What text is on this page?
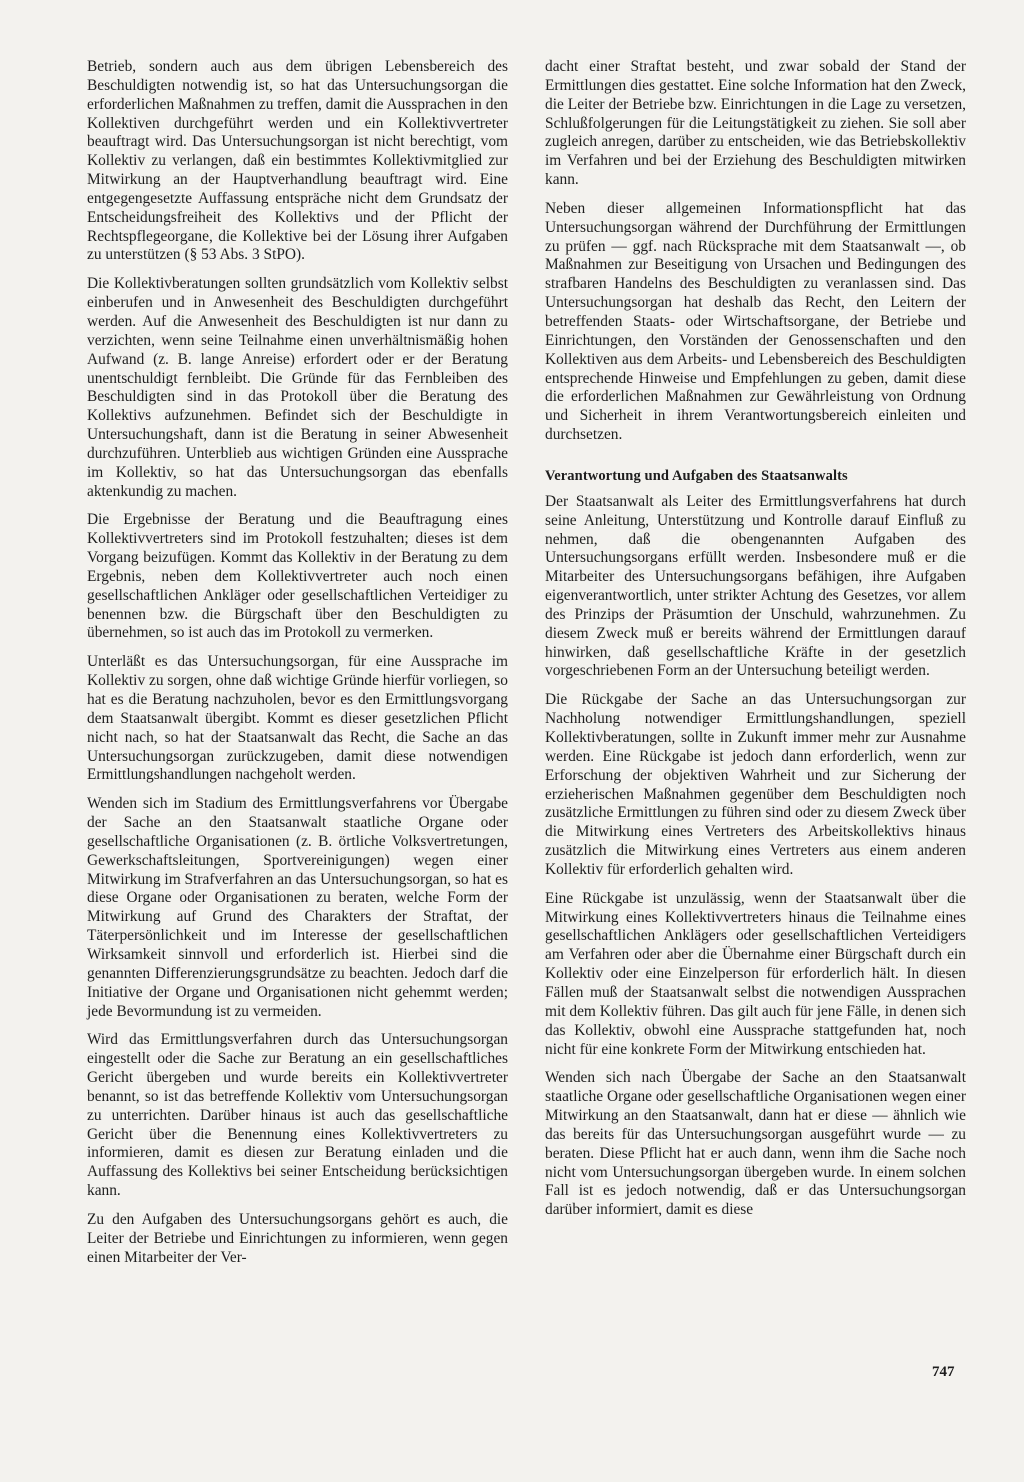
Betrieb, sondern auch aus dem übrigen Lebensbereich des Beschuldigten notwendig ist, so hat das Untersuchungsorgan die erforderlichen Maßnahmen zu treffen, damit die Aussprachen in den Kollektiven durchgeführt werden und ein Kollektivvertreter beauftragt wird. Das Untersuchungsorgan ist nicht berechtigt, vom Kollektiv zu verlangen, daß ein bestimmtes Kollektivmitglied zur Mitwirkung an der Hauptverhandlung beauftragt wird. Eine entgegengesetzte Auffassung entspräche nicht dem Grundsatz der Entscheidungsfreiheit des Kollektivs und der Pflicht der Rechtspflegeorgane, die Kollektive bei der Lösung ihrer Aufgaben zu unterstützen (§ 53 Abs. 3 StPO).

Die Kollektivberatungen sollten grundsätzlich vom Kollektiv selbst einberufen und in Anwesenheit des Beschuldigten durchgeführt werden. Auf die Anwesenheit des Beschuldigten ist nur dann zu verzichten, wenn seine Teilnahme einen unverhältnismäßig hohen Aufwand (z. B. lange Anreise) erfordert oder er der Beratung unentschuldigt fernbleibt. Die Gründe für das Fernbleiben des Beschuldigten sind in das Protokoll über die Beratung des Kollektivs aufzunehmen. Befindet sich der Beschuldigte in Untersuchungshaft, dann ist die Beratung in seiner Abwesenheit durchzuführen. Unterblieb aus wichtigen Gründen eine Aussprache im Kollektiv, so hat das Untersuchungsorgan das ebenfalls aktenkundig zu machen.

Die Ergebnisse der Beratung und die Beauftragung eines Kollektivvertreters sind im Protokoll festzuhalten; dieses ist dem Vorgang beizufügen. Kommt das Kollektiv in der Beratung zu dem Ergebnis, neben dem Kollektivvertreter auch noch einen gesellschaftlichen Ankläger oder gesellschaftlichen Verteidiger zu benennen bzw. die Bürgschaft über den Beschuldigten zu übernehmen, so ist auch das im Protokoll zu vermerken.

Unterläßt es das Untersuchungsorgan, für eine Aussprache im Kollektiv zu sorgen, ohne daß wichtige Gründe hierfür vorliegen, so hat es die Beratung nachzuholen, bevor es den Ermittlungsvorgang dem Staatsanwalt übergibt. Kommt es dieser gesetzlichen Pflicht nicht nach, so hat der Staatsanwalt das Recht, die Sache an das Untersuchungsorgan zurückzugeben, damit diese notwendigen Ermittlungshandlungen nachgeholt werden.

Wenden sich im Stadium des Ermittlungsverfahrens vor Übergabe der Sache an den Staatsanwalt staatliche Organe oder gesellschaftliche Organisationen (z. B. örtliche Volksvertretungen, Gewerkschaftsleitungen, Sportvereinigungen) wegen einer Mitwirkung im Strafverfahren an das Untersuchungsorgan, so hat es diese Organe oder Organisationen zu beraten, welche Form der Mitwirkung auf Grund des Charakters der Straftat, der Täterpersönlichkeit und im Interesse der gesellschaftlichen Wirksamkeit sinnvoll und erforderlich ist. Hierbei sind die genannten Differenzierungsgrundsätze zu beachten. Jedoch darf die Initiative der Organe und Organisationen nicht gehemmt werden; jede Bevormundung ist zu vermeiden.

Wird das Ermittlungsverfahren durch das Untersuchungsorgan eingestellt oder die Sache zur Beratung an ein gesellschaftliches Gericht übergeben und wurde bereits ein Kollektivvertreter benannt, so ist das betreffende Kollektiv vom Untersuchungsorgan zu unterrichten. Darüber hinaus ist auch das gesellschaftliche Gericht über die Benennung eines Kollektivvertreters zu informieren, damit es diesen zur Beratung einladen und die Auffassung des Kollektivs bei seiner Entscheidung berücksichtigen kann.

Zu den Aufgaben des Untersuchungsorgans gehört es auch, die Leiter der Betriebe und Einrichtungen zu informieren, wenn gegen einen Mitarbeiter der Ver-

dacht einer Straftat besteht, und zwar sobald der Stand der Ermittlungen dies gestattet. Eine solche Information hat den Zweck, die Leiter der Betriebe bzw. Einrichtungen in die Lage zu versetzen, Schlußfolgerungen für die Leitungstätigkeit zu ziehen. Sie soll aber zugleich anregen, darüber zu entscheiden, wie das Betriebskollektiv im Verfahren und bei der Erziehung des Beschuldigten mitwirken kann.

Neben dieser allgemeinen Informationspflicht hat das Untersuchungsorgan während der Durchführung der Ermittlungen zu prüfen — ggf. nach Rücksprache mit dem Staatsanwalt —, ob Maßnahmen zur Beseitigung von Ursachen und Bedingungen des strafbaren Handelns des Beschuldigten zu veranlassen sind. Das Untersuchungsorgan hat deshalb das Recht, den Leitern der betreffenden Staats- oder Wirtschaftsorgane, der Betriebe und Einrichtungen, den Vorständen der Genossenschaften und den Kollektiven aus dem Arbeits- und Lebensbereich des Beschuldigten entsprechende Hinweise und Empfehlungen zu geben, damit diese die erforderlichen Maßnahmen zur Gewährleistung von Ordnung und Sicherheit in ihrem Verantwortungsbereich einleiten und durchsetzen.

Verantwortung und Aufgaben des Staatsanwalts

Der Staatsanwalt als Leiter des Ermittlungsverfahrens hat durch seine Anleitung, Unterstützung und Kontrolle darauf Einfluß zu nehmen, daß die obengenannten Aufgaben des Untersuchungsorgans erfüllt werden. Insbesondere muß er die Mitarbeiter des Untersuchungsorgans befähigen, ihre Aufgaben eigenverantwortlich, unter strikter Achtung des Gesetzes, vor allem des Prinzips der Präsumtion der Unschuld, wahrzunehmen. Zu diesem Zweck muß er bereits während der Ermittlungen darauf hinwirken, daß gesellschaftliche Kräfte in der gesetzlich vorgeschriebenen Form an der Untersuchung beteiligt werden.

Die Rückgabe der Sache an das Untersuchungsorgan zur Nachholung notwendiger Ermittlungshandlungen, speziell Kollektivberatungen, sollte in Zukunft immer mehr zur Ausnahme werden. Eine Rückgabe ist jedoch dann erforderlich, wenn zur Erforschung der objektiven Wahrheit und zur Sicherung der erzieherischen Maßnahmen gegenüber dem Beschuldigten noch zusätzliche Ermittlungen zu führen sind oder zu diesem Zweck über die Mitwirkung eines Vertreters des Arbeitskollektivs hinaus zusätzlich die Mitwirkung eines Vertreters aus einem anderen Kollektiv für erforderlich gehalten wird.

Eine Rückgabe ist unzulässig, wenn der Staatsanwalt über die Mitwirkung eines Kollektivvertreters hinaus die Teilnahme eines gesellschaftlichen Anklägers oder gesellschaftlichen Verteidigers am Verfahren oder aber die Übernahme einer Bürgschaft durch ein Kollektiv oder eine Einzelperson für erforderlich hält. In diesen Fällen muß der Staatsanwalt selbst die notwendigen Aussprachen mit dem Kollektiv führen. Das gilt auch für jene Fälle, in denen sich das Kollektiv, obwohl eine Aussprache stattgefunden hat, noch nicht für eine konkrete Form der Mitwirkung entschieden hat.

Wenden sich nach Übergabe der Sache an den Staatsanwalt staatliche Organe oder gesellschaftliche Organisationen wegen einer Mitwirkung an den Staatsanwalt, dann hat er diese — ähnlich wie das bereits für das Untersuchungsorgan ausgeführt wurde — zu beraten. Diese Pflicht hat er auch dann, wenn ihm die Sache noch nicht vom Untersuchungsorgan übergeben wurde. In einem solchen Fall ist es jedoch notwendig, daß er das Untersuchungsorgan darüber informiert, damit es diese

747
